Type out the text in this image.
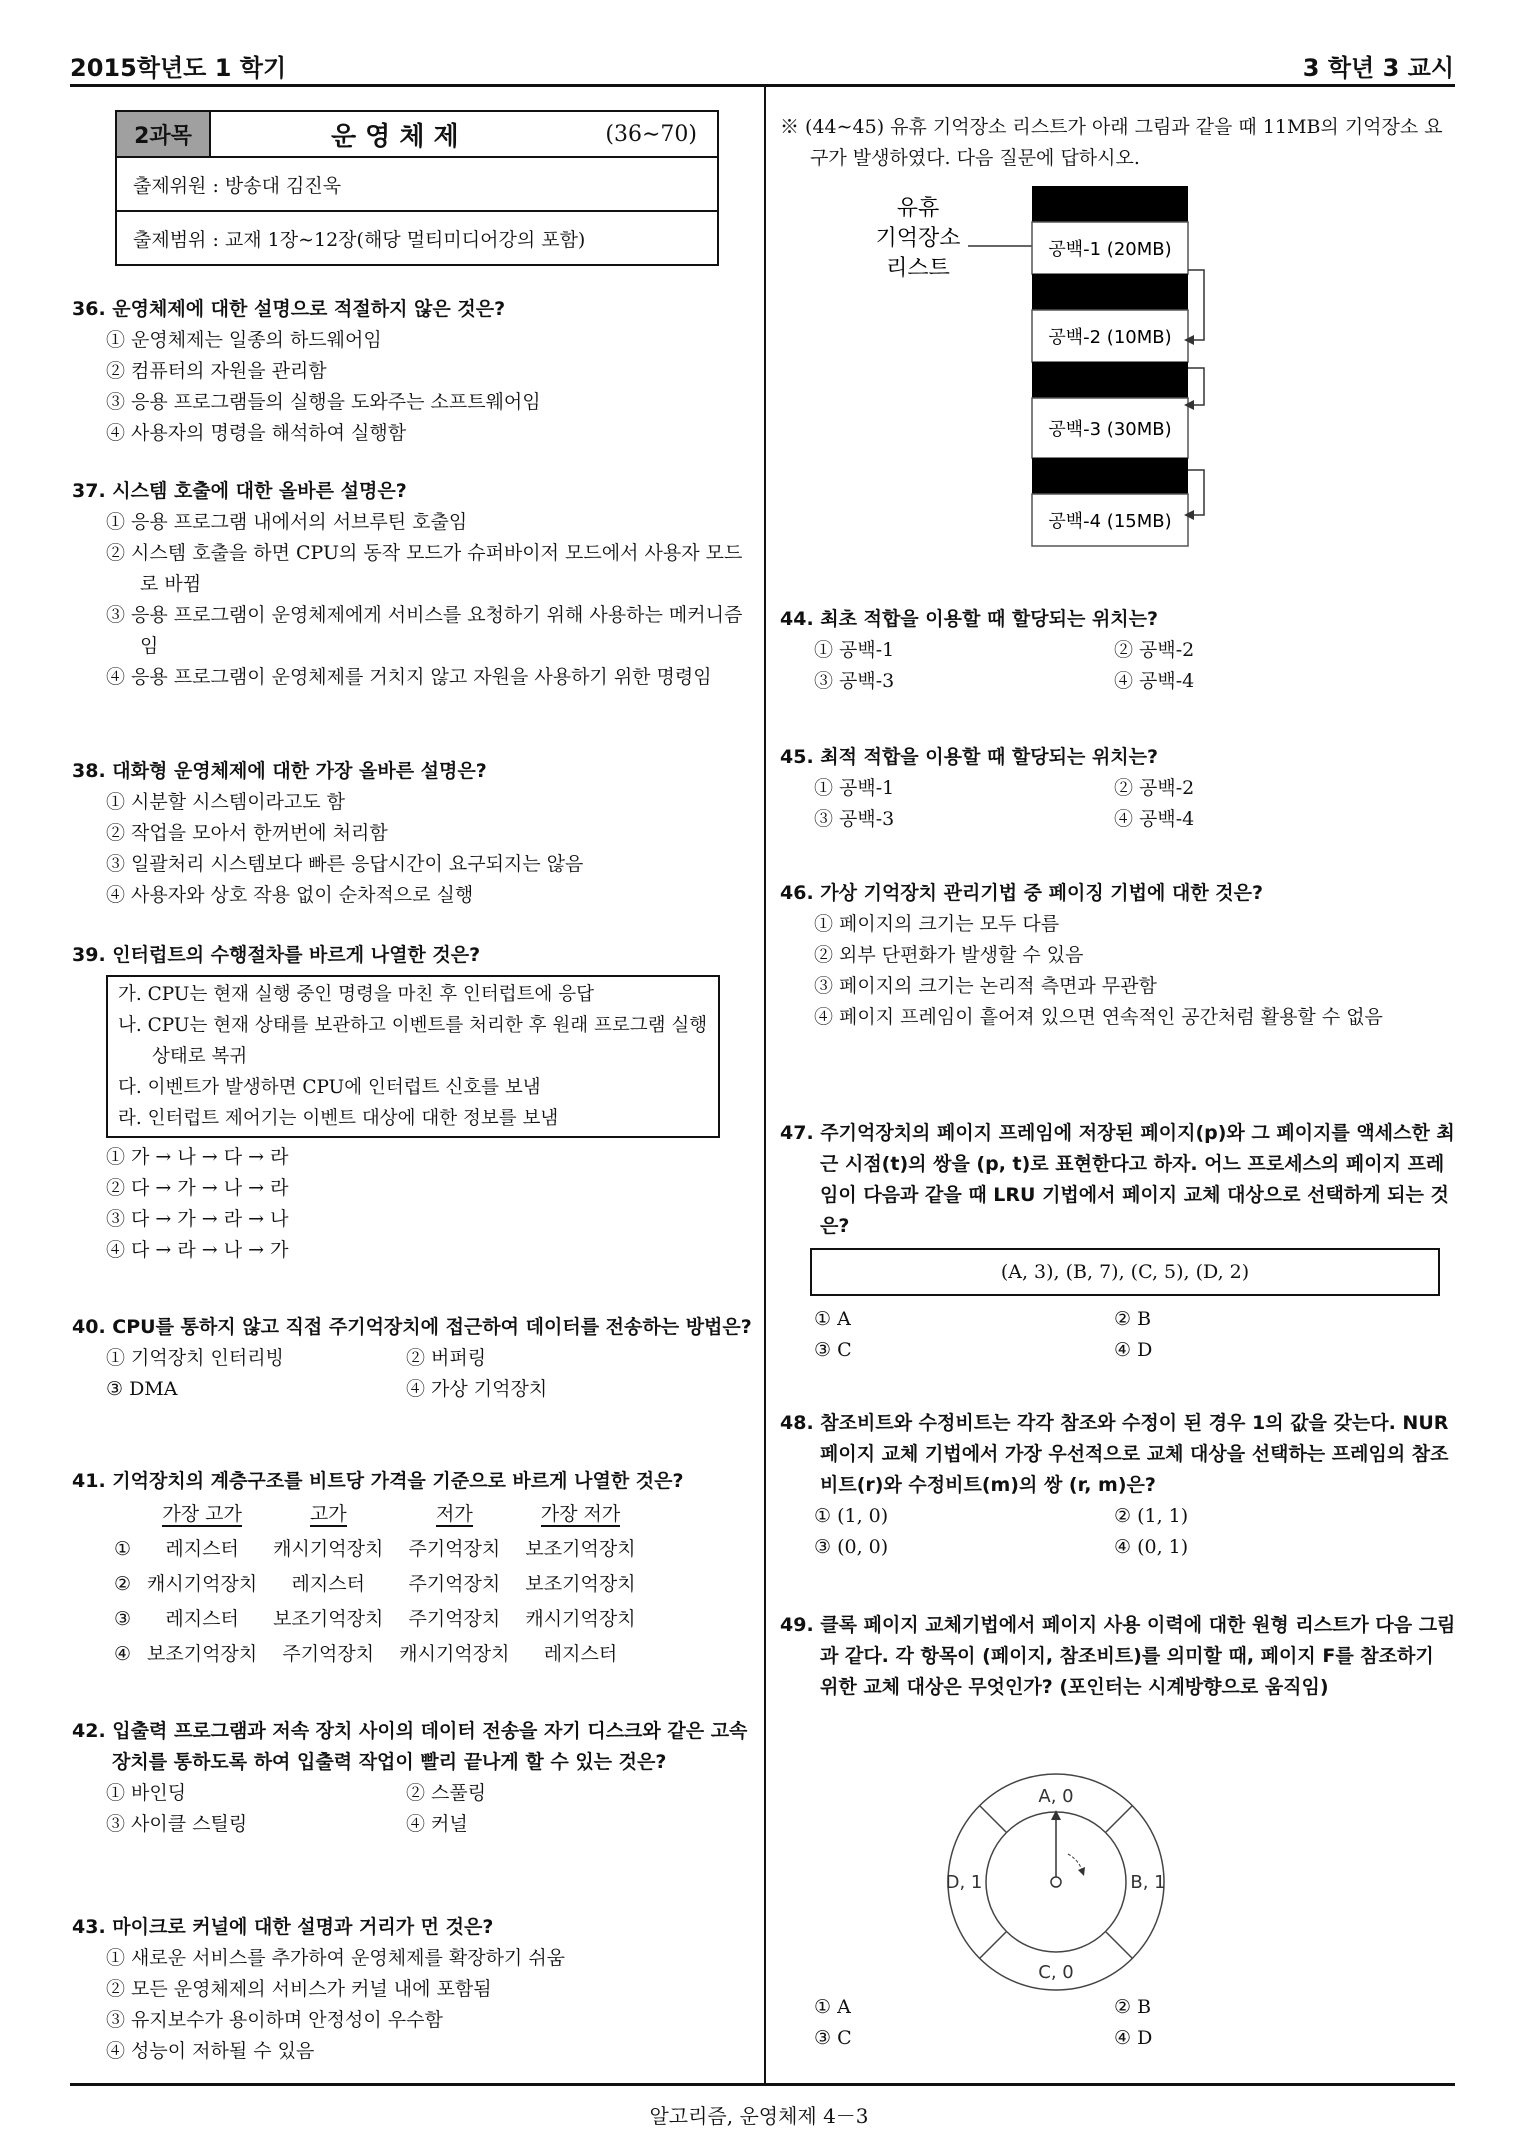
2015학년도 1 학기	3 학년 3 교시
2과목	운 영 체 제	(36∼70)
출제위원 : 방송대 김진욱
출제범위 : 교재 1장∼12장(해당 멀티미디어강의 포함)
36. 운영체제에 대한 설명으로 적절하지 않은 것은?
① 운영체제는 일종의 하드웨어임
② 컴퓨터의 자원을 관리함
③ 응용 프로그램들의 실행을 도와주는 소프트웨어임
④ 사용자의 명령을 해석하여 실행함
37. 시스템 호출에 대한 올바른 설명은?
① 응용 프로그램 내에서의 서브루틴 호출임
② 시스템 호출을 하면 CPU의 동작 모드가 슈퍼바이저 모드에서 사용자 모드로 바뀜
③ 응용 프로그램이 운영체제에게 서비스를 요청하기 위해 사용하는 메커니즘임
④ 응용 프로그램이 운영체제를 거치지 않고 자원을 사용하기 위한 명령임
38. 대화형 운영체제에 대한 가장 올바른 설명은?
① 시분할 시스템이라고도 함
② 작업을 모아서 한꺼번에 처리함
③ 일괄처리 시스템보다 빠른 응답시간이 요구되지는 않음
④ 사용자와 상호 작용 없이 순차적으로 실행
39. 인터럽트의 수행절차를 바르게 나열한 것은?
가. CPU는 현재 실행 중인 명령을 마친 후 인터럽트에 응답
나. CPU는 현재 상태를 보관하고 이벤트를 처리한 후 원래 프로그램 실행 상태로 복귀
다. 이벤트가 발생하면 CPU에 인터럽트 신호를 보냄
라. 인터럽트 제어기는 이벤트 대상에 대한 정보를 보냄
① 가 → 나 → 다 → 라
② 다 → 가 → 나 → 라
③ 다 → 가 → 라 → 나
④ 다 → 라 → 나 → 가
40. CPU를 통하지 않고 직접 주기억장치에 접근하여 데이터를 전송하는 방법은?
① 기억장치 인터리빙	② 버퍼링
③ DMA	④ 가상 기억장치
41. 기억장치의 계층구조를 비트당 가격을 기준으로 바르게 나열한 것은?
	가장 고가	고가	저가	가장 저가
①	레지스터	캐시기억장치	주기억장치	보조기억장치
②	캐시기억장치	레지스터	주기억장치	보조기억장치
③	레지스터	보조기억장치	주기억장치	캐시기억장치
④	보조기억장치	주기억장치	캐시기억장치	레지스터
42. 입출력 프로그램과 저속 장치 사이의 데이터 전송을 자기 디스크와 같은 고속 장치를 통하도록 하여 입출력 작업이 빨리 끝나게 할 수 있는 것은?
① 바인딩	② 스풀링
③ 사이클 스틸링	④ 커널
43. 마이크로 커널에 대한 설명과 거리가 먼 것은?
① 새로운 서비스를 추가하여 운영체제를 확장하기 쉬움
② 모든 운영체제의 서비스가 커널 내에 포함됨
③ 유지보수가 용이하며 안정성이 우수함
④ 성능이 저하될 수 있음
※ (44∼45) 유휴 기억장소 리스트가 아래 그림과 같을 때 11MB의 기억장소 요구가 발생하였다. 다음 질문에 답하시오.
유휴
기억장소
리스트
공백-1 (20MB)
공백-2 (10MB)
공백-3 (30MB)
공백-4 (15MB)
44. 최초 적합을 이용할 때 할당되는 위치는?
① 공백-1	② 공백-2
③ 공백-3	④ 공백-4
45. 최적 적합을 이용할 때 할당되는 위치는?
① 공백-1	② 공백-2
③ 공백-3	④ 공백-4
46. 가상 기억장치 관리기법 중 페이징 기법에 대한 것은?
① 페이지의 크기는 모두 다름
② 외부 단편화가 발생할 수 있음
③ 페이지의 크기는 논리적 측면과 무관함
④ 페이지 프레임이 흩어져 있으면 연속적인 공간처럼 활용할 수 없음
47. 주기억장치의 페이지 프레임에 저장된 페이지(p)와 그 페이지를 액세스한 최근 시점(t)의 쌍을 (p, t)로 표현한다고 하자. 어느 프로세스의 페이지 프레임이 다음과 같을 때 LRU 기법에서 페이지 교체 대상으로 선택하게 되는 것은?
(A, 3), (B, 7), (C, 5), (D, 2)
① A	② B
③ C	④ D
48. 참조비트와 수정비트는 각각 참조와 수정이 된 경우 1의 값을 갖는다. NUR 페이지 교체 기법에서 가장 우선적으로 교체 대상을 선택하는 프레임의 참조비트(r)와 수정비트(m)의 쌍 (r, m)은?
① (1, 0)	② (1, 1)
③ (0, 0)	④ (0, 1)
49. 클록 페이지 교체기법에서 페이지 사용 이력에 대한 원형 리스트가 다음 그림과 같다. 각 항목이 (페이지, 참조비트)를 의미할 때, 페이지 F를 참조하기 위한 교체 대상은 무엇인가? (포인터는 시계방향으로 움직임)
A, 0
B, 1
C, 0
D, 1
① A	② B
③ C	④ D
알고리즘, 운영체제 4－3
